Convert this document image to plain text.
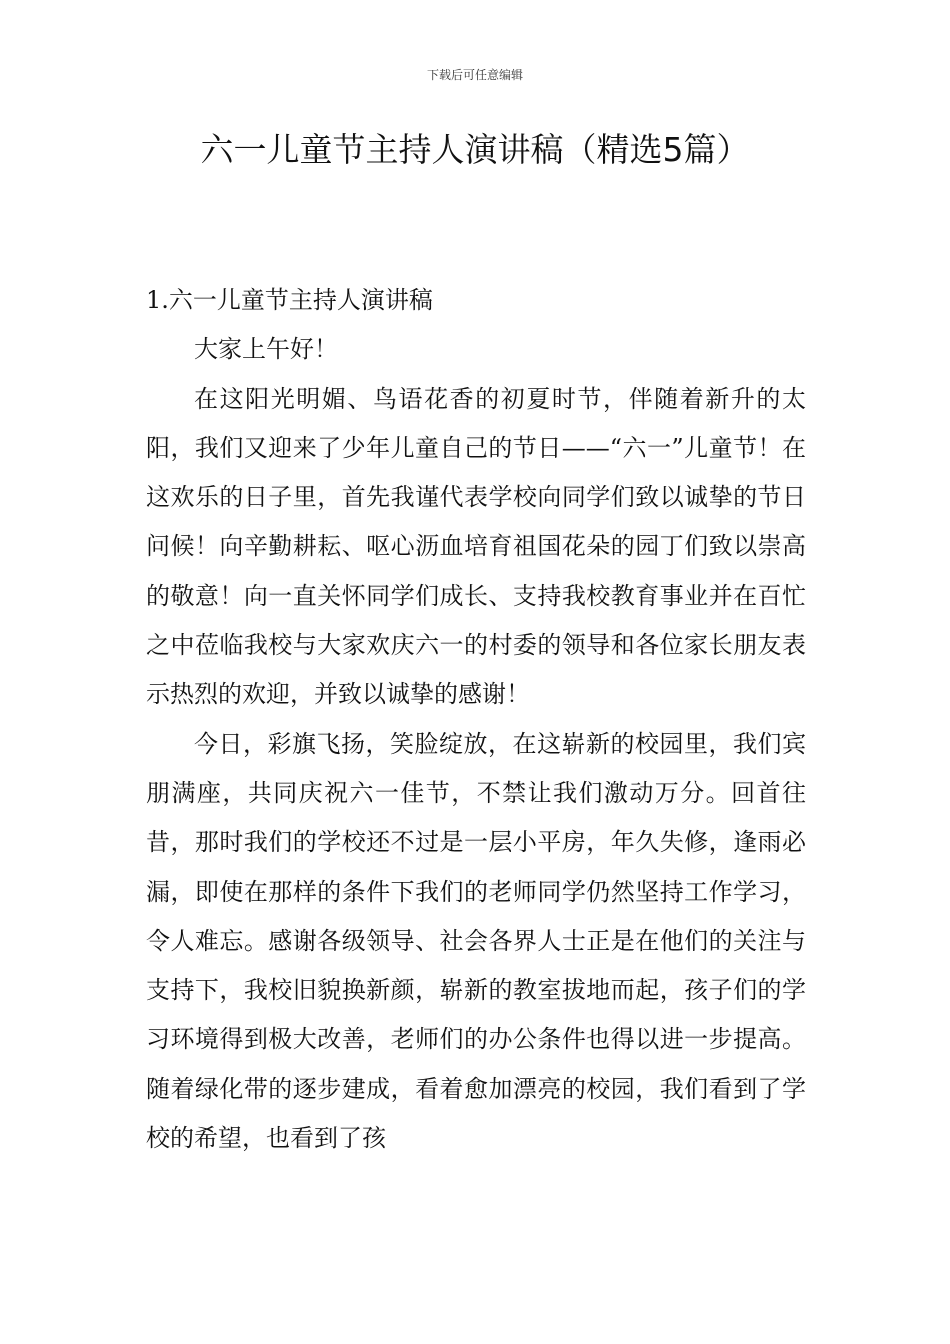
下载后可任意编辑
六一儿童节主持人演讲稿（精选5篇）
1.六一儿童节主持人演讲稿

大家上午好！

在这阳光明媚、鸟语花香的初夏时节，伴随着新升的太阳，我们又迎来了少年儿童自己的节日——“六一”儿童节！在这欢乐的日子里，首先我谨代表学校向同学们致以诚挚的节日问候！向辛勤耕耘、呕心沥血培育祖国花朵的园丁们致以崇高的敬意！向一直关怀同学们成长、支持我校教育事业并在百忙之中莅临我校与大家欢庆六一的村委的领导和各位家长朋友表示热烈的欢迎，并致以诚挚的感谢！

今日，彩旗飞扬，笑脸绽放，在这崭新的校园里，我们宾朋满座，共同庆祝六一佳节，不禁让我们激动万分。回首往昔，那时我们的学校还不过是一层小平房，年久失修，逢雨必漏，即使在那样的条件下我们的老师同学仍然坚持工作学习，令人难忘。感谢各级领导、社会各界人士正是在他们的关注与支持下，我校旧貌换新颜，崭新的教室拔地而起，孩子们的学习环境得到极大改善，老师们的办公条件也得以进一步提高。随着绿化带的逐步建成，看着愈加漂亮的校园，我们看到了学校的希望，也看到了孩
